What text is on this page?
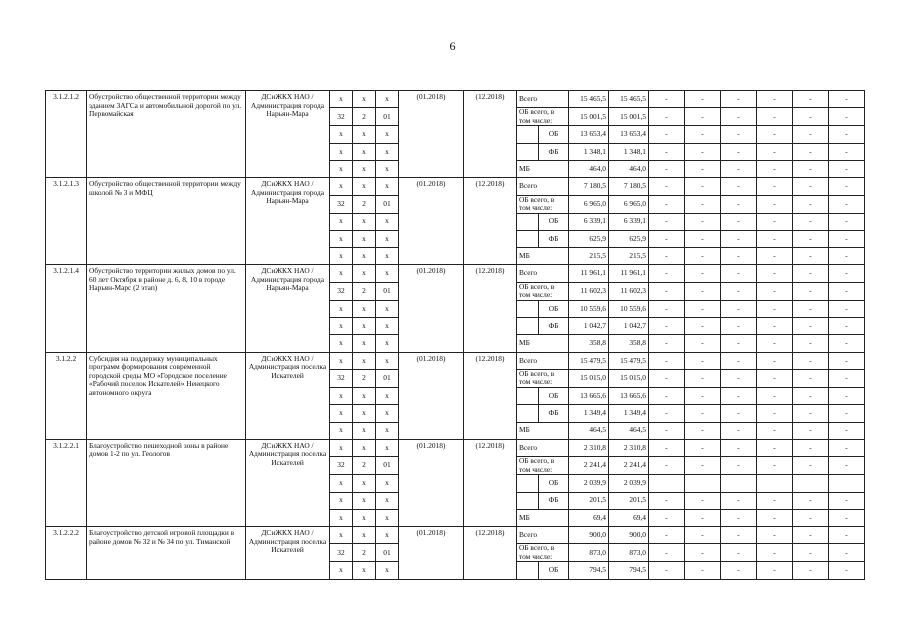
6
3.1.2.1.2	Обустройство общественной территории между зданием ЗАГСа и автомобильной дорогой по ул. Первомайская	ДСиЖКХ НАО / Администрация города Нарьян-Мара	х	х	х	(01.2018)	(12.2018)	Всего		15 465,5	15 465,5	-	-	-	-	-	-
			32	2	01			ОБ всего, в том числе:		15 001,5	15 001,5	-	-	-	-	-	-
			х	х	х				ОБ	13 653,4	13 653,4	-	-	-	-	-	-
			х	х	х				ФБ	1 348,1	1 348,1	-	-	-	-	-	-
			х	х	х			МБ		464,0	464,0	-	-	-	-	-	-
3.1.2.1.3	Обустройство общественной территории между школой № 3 и МФЦ	ДСиЖКХ НАО / Администрация города Нарьян-Мара	х	х	х	(01.2018)	(12.2018)	Всего		7 180,5	7 180,5	-	-	-	-	-	-
			32	2	01			ОБ всего, в том числе:		6 965,0	6 965,0	-	-	-	-	-	-
			х	х	х				ОБ	6 339,1	6 339,1	-	-	-	-	-	-
			х	х	х				ФБ	625,9	625,9	-	-	-	-	-	-
			х	х	х			МБ		215,5	215,5	-	-	-	-	-	-
3.1.2.1.4	Обустройство территории жилых домов по ул. 60 лет Октября в районе д. 6, 8, 10 в городе Нарьян-Марс (2 этап)	ДСиЖКХ НАО / Администрация города Нарьян-Мара	х	х	х	(01.2018)	(12.2018)	Всего		11 961,1	11 961,1	-	-	-	-	-	-
			32	2	01			ОБ всего, в том числе:		11 602,3	11 602,3	-	-	-	-	-	-
			х	х	х				ОБ	10 559,6	10 559,6	-	-	-	-	-	-
			х	х	х				ФБ	1 042,7	1 042,7	-	-	-	-	-	-
			х	х	х			МБ		358,8	358,8	-	-	-	-	-	-
3.1.2.2	Субсидия на поддержку муниципальных программ формирования современной городской среды МО «Городское поселение «Рабочий поселок Искателей» Ненецкого автономного округа	ДСиЖКХ НАО / Администрация поселка Искателей	х	х	х	(01.2018)	(12.2018)	Всего		15 479,5	15 479,5	-	-	-	-	-	-
			32	2	01			ОБ всего, в том числе:		15 015,0	15 015,0	-	-	-	-	-	-
			х	х	х				ОБ	13 665,6	13 665,6	-	-	-	-	-	-
			х	х	х				ФБ	1 349,4	1 349,4	-	-	-	-	-	-
			х	х	х			МБ		464,5	464,5	-	-	-	-	-	-
3.1.2.2.1	Благоустройство пешеходной зоны в районе домов 1-2 по ул. Геологов	ДСиЖКХ НАО / Администрация поселка Искателей	х	х	х	(01.2018)	(12.2018)	Всего		2 310,8	2 310,8	-	-	-	-	-	-
			32	2	01			ОБ всего, в том числе:		2 241,4	2 241,4	-	-	-	-	-	-
			х	х	х				ОБ	2 039,9	2 039,9						
			х	х	х				ФБ	201,5	201,5	-	-	-	-	-	-
			х	х	х			МБ		69,4	69,4	-	-	-	-	-	-
3.1.2.2.2	Благоустройство детской игровой площадки в районе домов № 32 и № 34 по ул. Тиманской	ДСиЖКХ НАО / Администрация поселка Искателей	х	х	х	(01.2018)	(12.2018)	Всего		900,0	900,0	-	-	-	-	-	-
			32	2	01			ОБ всего, в том числе:		873,0	873,0	-	-	-	-	-	-
			х	х	х				ОБ	794,5	794,5	-	-	-	-	-	-
